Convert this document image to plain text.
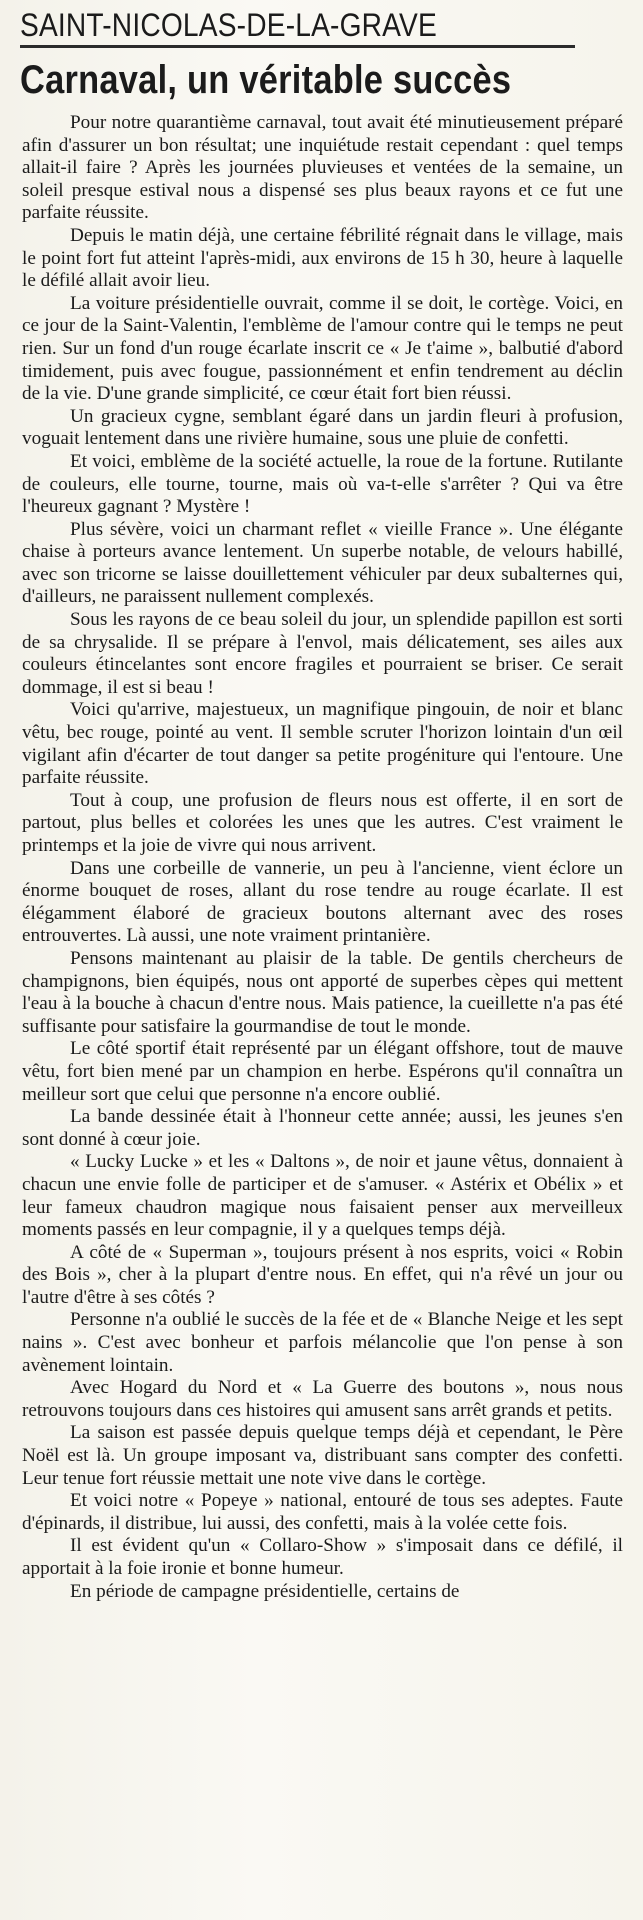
SAINT-NICOLAS-DE-LA-GRAVE
Carnaval, un véritable succès

Pour notre quarantième carnaval, tout avait été minutieusement préparé afin d'assurer un bon résultat; une inquiétude restait cependant : quel temps allait-il faire ? Après les journées pluvieuses et ventées de la semaine, un soleil presque estival nous a dispensé ses plus beaux rayons et ce fut une parfaite réussite.

Depuis le matin déjà, une certaine fébrilité régnait dans le village, mais le point fort fut atteint l'après-midi, aux environs de 15 h 30, heure à laquelle le défilé allait avoir lieu.

La voiture présidentielle ouvrait, comme il se doit, le cortège. Voici, en ce jour de la Saint-Valentin, l'emblème de l'amour contre qui le temps ne peut rien. Sur un fond d'un rouge écarlate inscrit ce « Je t'aime », balbutié d'abord timidement, puis avec fougue, passionnément et enfin tendrement au déclin de la vie. D'une grande simplicité, ce cœur était fort bien réussi.

Un gracieux cygne, semblant égaré dans un jardin fleuri à profusion, voguait lentement dans une rivière humaine, sous une pluie de confetti.

Et voici, emblème de la société actuelle, la roue de la fortune. Rutilante de couleurs, elle tourne, tourne, mais où va-t-elle s'arrêter ? Qui va être l'heureux gagnant ? Mystère !

Plus sévère, voici un charmant reflet « vieille France ». Une élégante chaise à porteurs avance lentement. Un superbe notable, de velours habillé, avec son tricorne se laisse douillettement véhiculer par deux subalternes qui, d'ailleurs, ne paraissent nullement complexés.

Sous les rayons de ce beau soleil du jour, un splendide papillon est sorti de sa chrysalide. Il se prépare à l'envol, mais délicatement, ses ailes aux couleurs étincelantes sont encore fragiles et pourraient se briser. Ce serait dommage, il est si beau !

Voici qu'arrive, majestueux, un magnifique pingouin, de noir et blanc vêtu, bec rouge, pointé au vent. Il semble scruter l'horizon lointain d'un œil vigilant afin d'écarter de tout danger sa petite progéniture qui l'entoure. Une parfaite réussite.

Tout à coup, une profusion de fleurs nous est offerte, il en sort de partout, plus belles et colorées les unes que les autres. C'est vraiment le printemps et la joie de vivre qui nous arrivent.

Dans une corbeille de vannerie, un peu à l'ancienne, vient éclore un énorme bouquet de roses, allant du rose tendre au rouge écarlate. Il est élégamment élaboré de gracieux boutons alternant avec des roses entrouvertes. Là aussi, une note vraiment printanière.

Pensons maintenant au plaisir de la table. De gentils chercheurs de champignons, bien équipés, nous ont apporté de superbes cèpes qui mettent l'eau à la bouche à chacun d'entre nous. Mais patience, la cueillette n'a pas été suffisante pour satisfaire la gourmandise de tout le monde.

Le côté sportif était représenté par un élégant offshore, tout de mauve vêtu, fort bien mené par un champion en herbe. Espérons qu'il connaîtra un meilleur sort que celui que personne n'a encore oublié.

La bande dessinée était à l'honneur cette année; aussi, les jeunes s'en sont donné à cœur joie.

« Lucky Lucke » et les « Daltons », de noir et jaune vêtus, donnaient à chacun une envie folle de participer et de s'amuser. « Astérix et Obélix » et leur fameux chaudron magique nous faisaient penser aux merveilleux moments passés en leur compagnie, il y a quelques temps déjà.

A côté de « Superman », toujours présent à nos esprits, voici « Robin des Bois », cher à la plupart d'entre nous. En effet, qui n'a rêvé un jour ou l'autre d'être à ses côtés ?

Personne n'a oublié le succès de la fée et de « Blanche Neige et les sept nains ». C'est avec bonheur et parfois mélancolie que l'on pense à son avènement lointain.

Avec Hogard du Nord et « La Guerre des boutons », nous nous retrouvons toujours dans ces histoires qui amusent sans arrêt grands et petits.

La saison est passée depuis quelque temps déjà et cependant, le Père Noël est là. Un groupe imposant va, distribuant sans compter des confetti. Leur tenue fort réussie mettait une note vive dans le cortège.

Et voici notre « Popeye » national, entouré de tous ses adeptes. Faute d'épinards, il distribue, lui aussi, des confetti, mais à la volée cette fois.

Il est évident qu'un « Collaro-Show » s'imposait dans ce défilé, il apportait à la foie ironie et bonne humeur.

En période de campagne présidentielle, certains de
